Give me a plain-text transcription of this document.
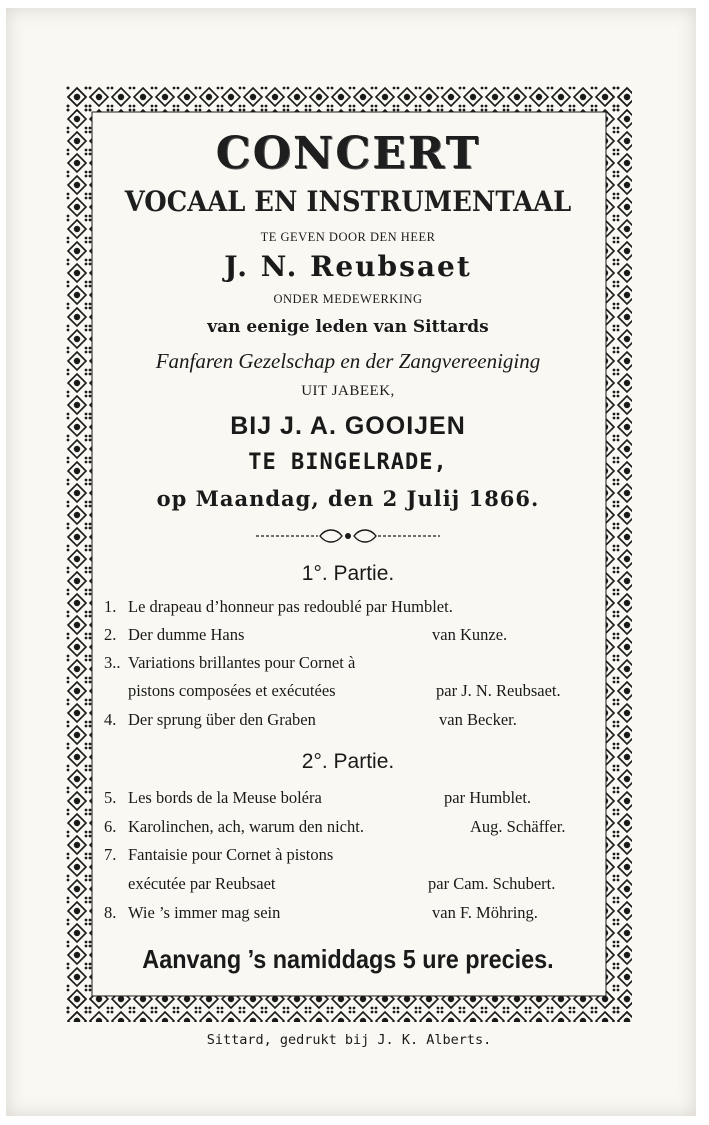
CONCERT
VOCAAL EN INSTRUMENTAAL
TE GEVEN DOOR DEN HEER
J. N. Reubsaet
ONDER MEDEWERKING
van eenige leden van Sittards
Fanfaren Gezelschap en der Zangvereeniging
UIT JABEEK,
BIJ J. A. GOOIJEN
TE BINGELRADE,
op Maandag, den 2 Julij 1866.
1°. Partie.
1. Le drapeau d’honneur pas redoublé par Humblet.
2. Der dumme Hans	van Kunze.
3.. Variations brillantes pour Cornet à
pistons composées et exécutées	par J. N. Reubsaet.
4. Der sprung über den Graben	van Becker.
2°. Partie.
5. Les bords de la Meuse boléra	par Humblet.
6. Karolinchen, ach, warum den nicht.	Aug. Schäffer.
7. Fantaisie pour Cornet à pistons
exécutée par Reubsaet	par Cam. Schubert.
8. Wie ’s immer mag sein	van F. Möhring.
Aanvang ’s namiddags 5 ure precies.
Sittard, gedrukt bij J. K. Alberts.
